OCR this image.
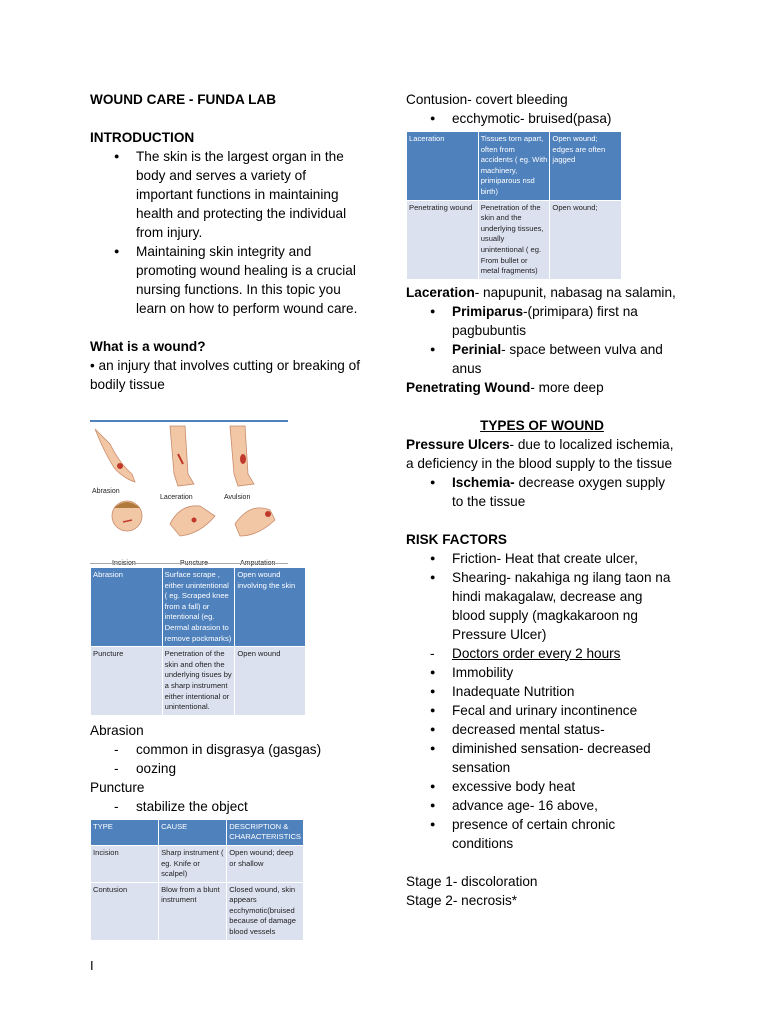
WOUND CARE - FUNDA LAB

INTRODUCTION

● The skin is the largest organ in the body and serves a variety of important functions in maintaining health and protecting the individual from injury.
● Maintaining skin integrity and promoting wound healing is a crucial nursing functions. In this topic you learn on how to perform wound care.

What is a wound?

• an injury that involves cutting or breaking of bodily tissue

Abrasion
Laceration	Avulsion
Abrasion	Surface scrape , either unintentional ( eg. Scraped knee from a fall) or intentional (eg. Dermal abrasion to remove pockmarks)	Open wound involving the skin
Puncture	Penetration of the skin and often the underlying tisues by a sharp instrument either intentional or unintentional.	Open wound

Abrasion

- common in disgrasya (gasgas)
- oozing

Puncture

- stabilize the object
TYPE	CAUSE	DESCRIPTION & CHARACTERISTICS
Incision	Sharp instrument ( eg. Knife or scalpel)	Open wound; deep or shallow
Contusion	Blow from a blunt instrument	Closed wound, skin appears ecchymotic(bruised because of damage blood vessels

Contusion- covert bleeding

● ecchymotic- bruised(pasa)
Laceration	Tissues torn apart, often from accidents ( eg. With machinery, primiparous nsd birth)	Open wound; edges are often jagged
Penetrating wound	Penetration of the skin and the underlying tissues, usually unintentional ( eg. From bullet or metal fragments)	Open wound;

Laceration- napupunit, nabasag na salamin,

● Primiparus-(primipara) first na pagbubuntis
● Perinial- space between vulva and anus

Penetrating Wound- more deep

TYPES OF WOUND

Pressure Ulcers- due to localized ischemia, a deficiency in the blood supply to the tissue

● Ischemia- decrease oxygen supply to the tissue

RISK FACTORS

● Friction- Heat that create ulcer,
● Shearing- nakahiga ng ilang taon na hindi makagalaw, decrease ang blood supply (magkakaroon ng Pressure Ulcer)
- Doctors order every 2 hours
● Immobility
● Inadequate Nutrition
● Fecal and urinary incontinence
● decreased mental status-
● diminished sensation- decreased sensation
● excessive body heat
● advance age- 16 above,
● presence of certain chronic conditions

Stage 1- discoloration

Stage 2- necrosis*

I
